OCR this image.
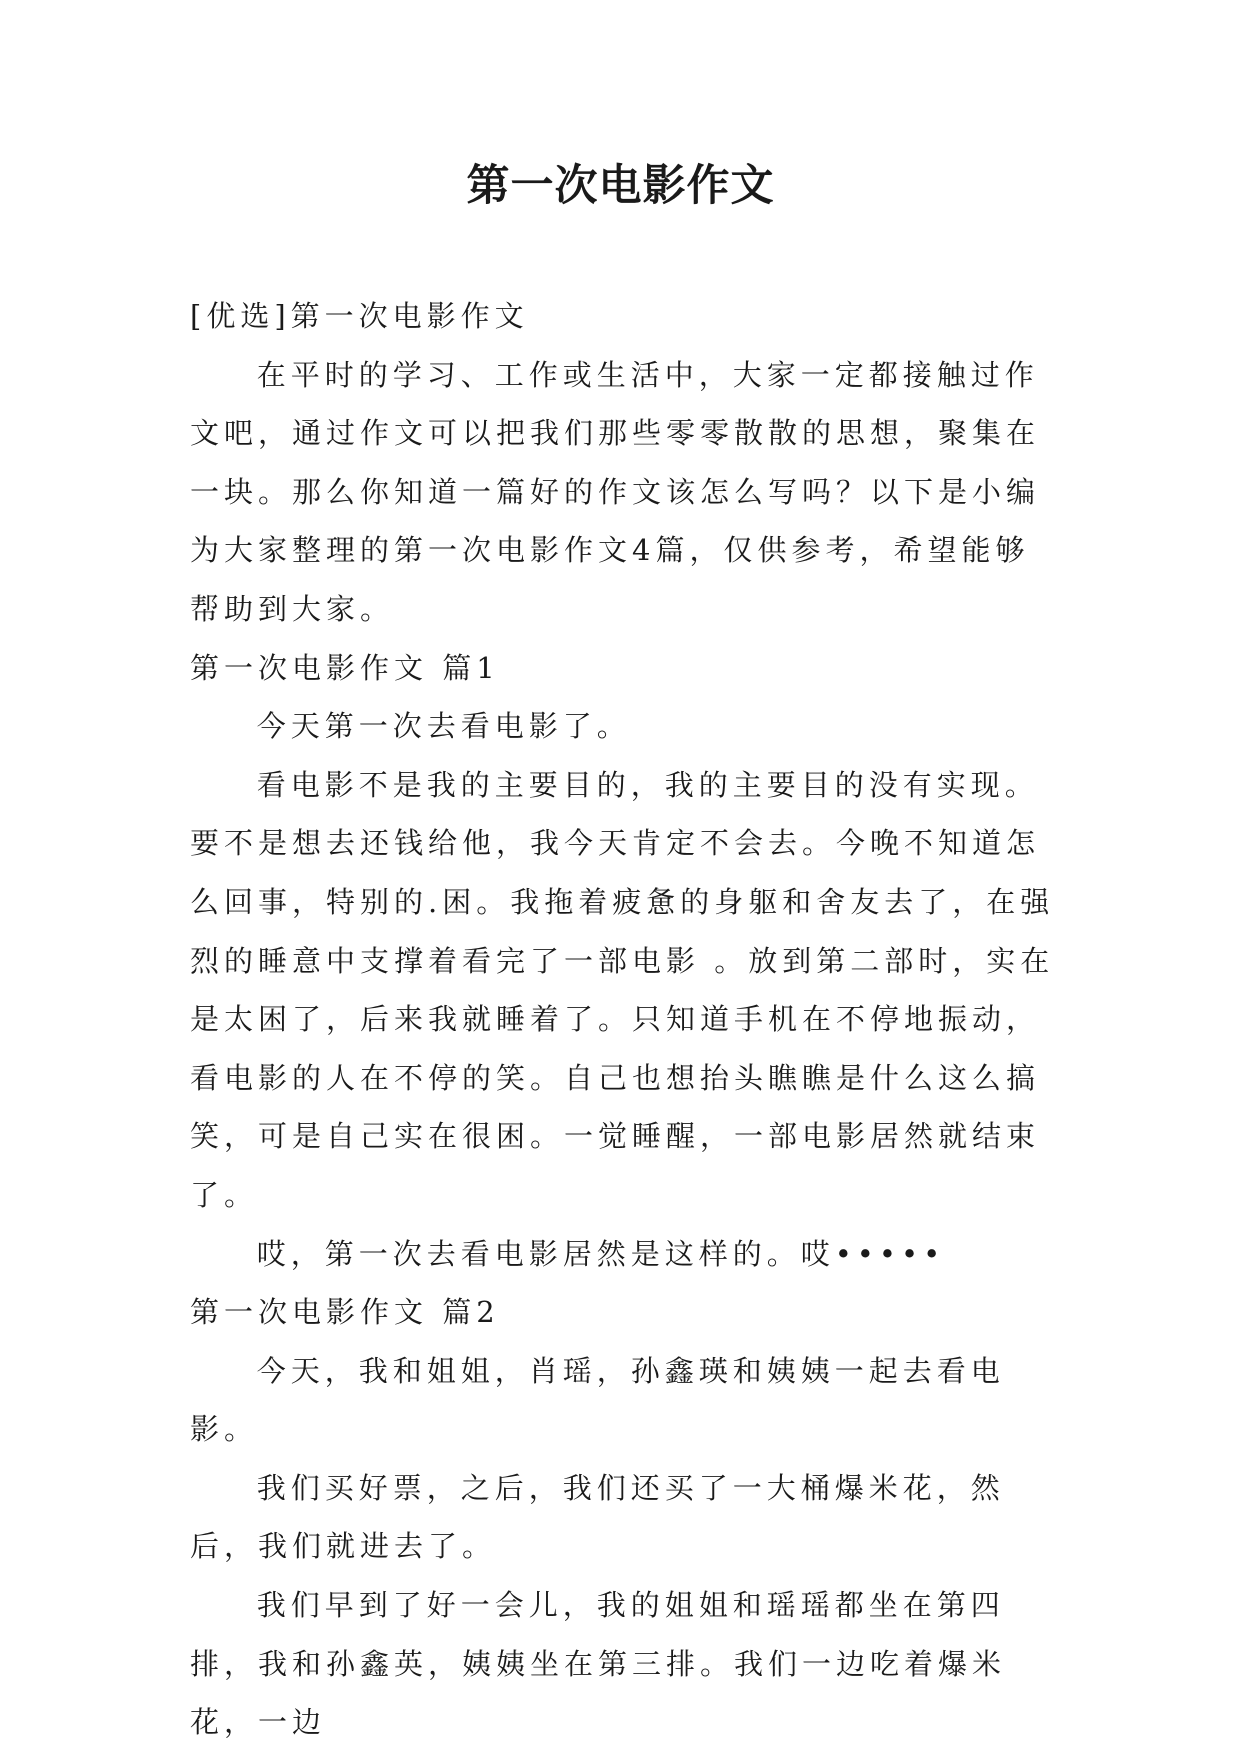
第一次电影作文

[优选]第一次电影作文

在平时的学习、工作或生活中，大家一定都接触过作文吧，通过作文可以把我们那些零零散散的思想，聚集在一块。那么你知道一篇好的作文该怎么写吗？以下是小编为大家整理的第一次电影作文4篇，仅供参考，希望能够帮助到大家。

第一次电影作文 篇1

今天第一次去看电影了。

看电影不是我的主要目的，我的主要目的没有实现。要不是想去还钱给他，我今天肯定不会去。今晚不知道怎么回事，特别的.困。我拖着疲惫的身躯和舍友去了，在强烈的睡意中支撑着看完了一部电影 。放到第二部时，实在是太困了，后来我就睡着了。只知道手机在不停地振动，看电影的人在不停的笑。自己也想抬头瞧瞧是什么这么搞笑，可是自己实在很困。一觉睡醒，一部电影居然就结束了。

哎，第一次去看电影居然是这样的。哎•••••

第一次电影作文 篇2

今天，我和姐姐，肖瑶，孙鑫瑛和姨姨一起去看电影。

我们买好票，之后，我们还买了一大桶爆米花，然后，我们就进去了。

我们早到了好一会儿，我的姐姐和瑶瑶都坐在第四排，我和孙鑫英，姨姨坐在第三排。我们一边吃着爆米花，一边
